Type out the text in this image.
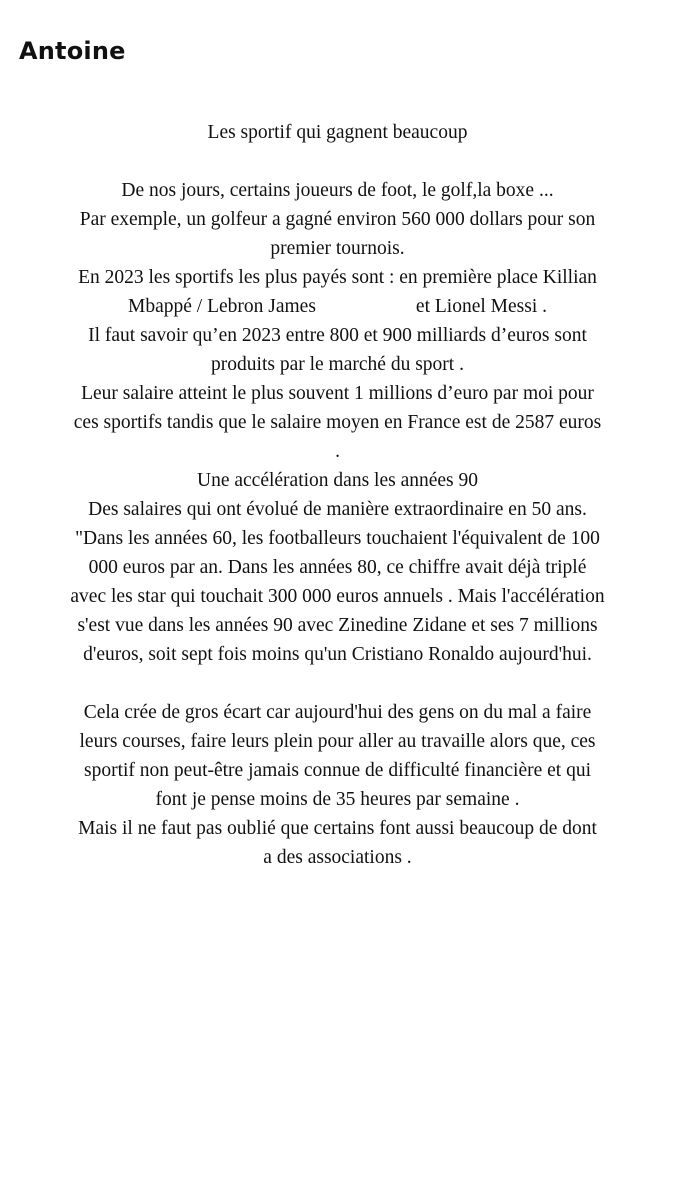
Antoine
Les sportif qui gagnent beaucoup
De nos jours, certains joueurs de foot, le golf,la boxe ...
Par exemple, un golfeur a gagné environ 560 000 dollars pour son
premier tournois.
En 2023 les sportifs les plus payés sont : en première place Killian
Mbappé / Lebron James	et Lionel Messi .
Il faut savoir qu’en 2023 entre 800 et 900 milliards d’euros sont
produits par le marché du sport .
Leur salaire atteint le plus souvent 1 millions d’euro par moi pour
ces sportifs tandis que le salaire moyen en France est de 2587 euros
.
Une accélération dans les années 90
Des salaires qui ont évolué de manière extraordinaire en 50 ans.
"Dans les années 60, les footballeurs touchaient l'équivalent de 100
000 euros par an. Dans les années 80, ce chiffre avait déjà triplé
avec les star qui touchait 300 000 euros annuels . Mais l'accélération
s'est vue dans les années 90 avec Zinedine Zidane et ses 7 millions
d'euros, soit sept fois moins qu'un Cristiano Ronaldo aujourd'hui.
Cela crée de gros écart car aujourd'hui des gens on du mal a faire
leurs courses, faire leurs plein pour aller au travaille alors que, ces
sportif non peut-être jamais connue de difficulté financière et qui
font je pense moins de 35 heures par semaine .
Mais il ne faut pas oublié que certains font aussi beaucoup de dont
a des associations .
